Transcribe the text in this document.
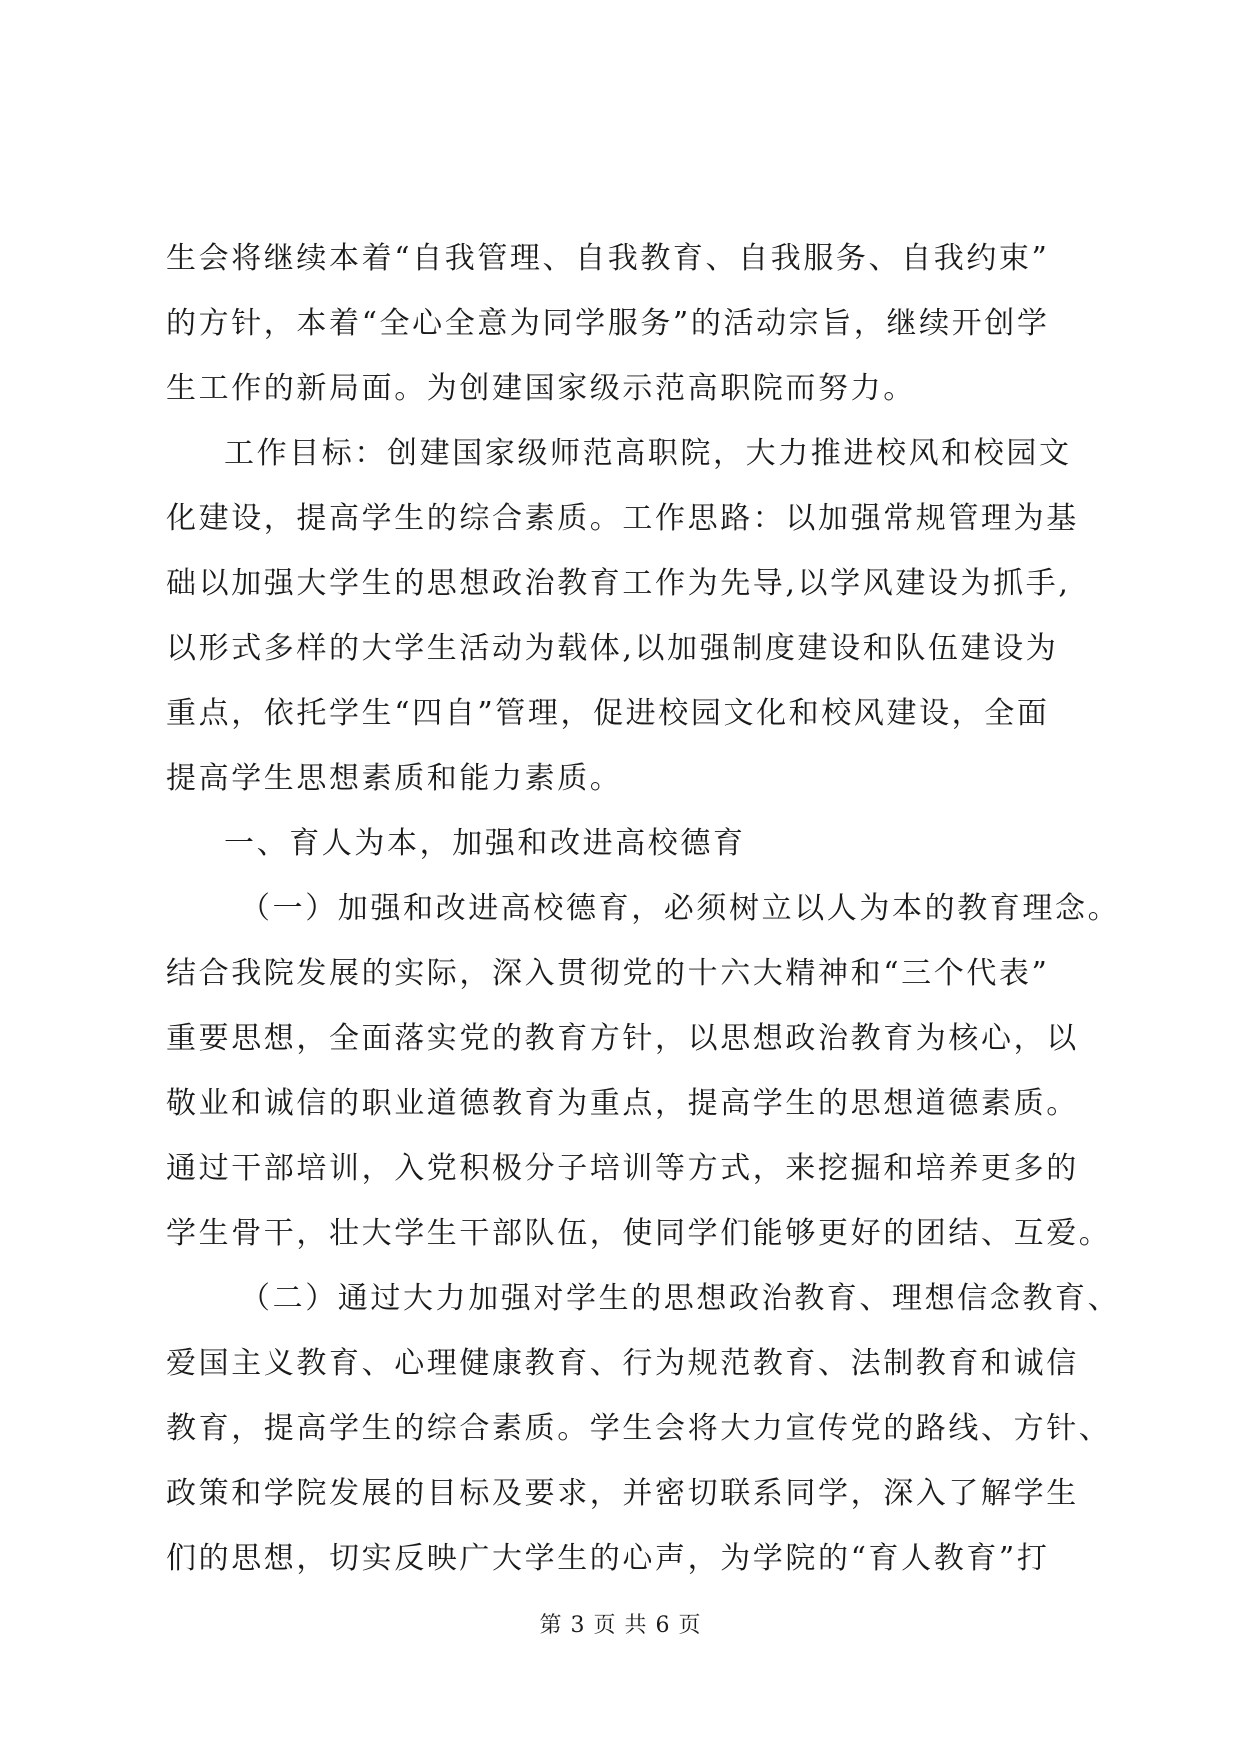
生会将继续本着“自我管理、自我教育、自我服务、自我约束”
的方针，本着“全心全意为同学服务”的活动宗旨，继续开创学
生工作的新局面。为创建国家级示范高职院而努力。
工作目标：创建国家级师范高职院，大力推进校风和校园文
化建设，提高学生的综合素质。工作思路：以加强常规管理为基
础以加强大学生的思想政治教育工作为先导,以学风建设为抓手,
以形式多样的大学生活动为载体,以加强制度建设和队伍建设为
重点，依托学生“四自”管理，促进校园文化和校风建设，全面
提高学生思想素质和能力素质。
一、育人为本，加强和改进高校德育
（一）加强和改进高校德育，必须树立以人为本的教育理念。
结合我院发展的实际，深入贯彻党的十六大精神和“三个代表”
重要思想，全面落实党的教育方针，以思想政治教育为核心，以
敬业和诚信的职业道德教育为重点，提高学生的思想道德素质。
通过干部培训，入党积极分子培训等方式，来挖掘和培养更多的
学生骨干，壮大学生干部队伍，使同学们能够更好的团结、互爱。
（二）通过大力加强对学生的思想政治教育、理想信念教育、
爱国主义教育、心理健康教育、行为规范教育、法制教育和诚信
教育，提高学生的综合素质。学生会将大力宣传党的路线、方针、
政策和学院发展的目标及要求，并密切联系同学，深入了解学生
们的思想，切实反映广大学生的心声，为学院的“育人教育”打
第 3 页 共 6 页
